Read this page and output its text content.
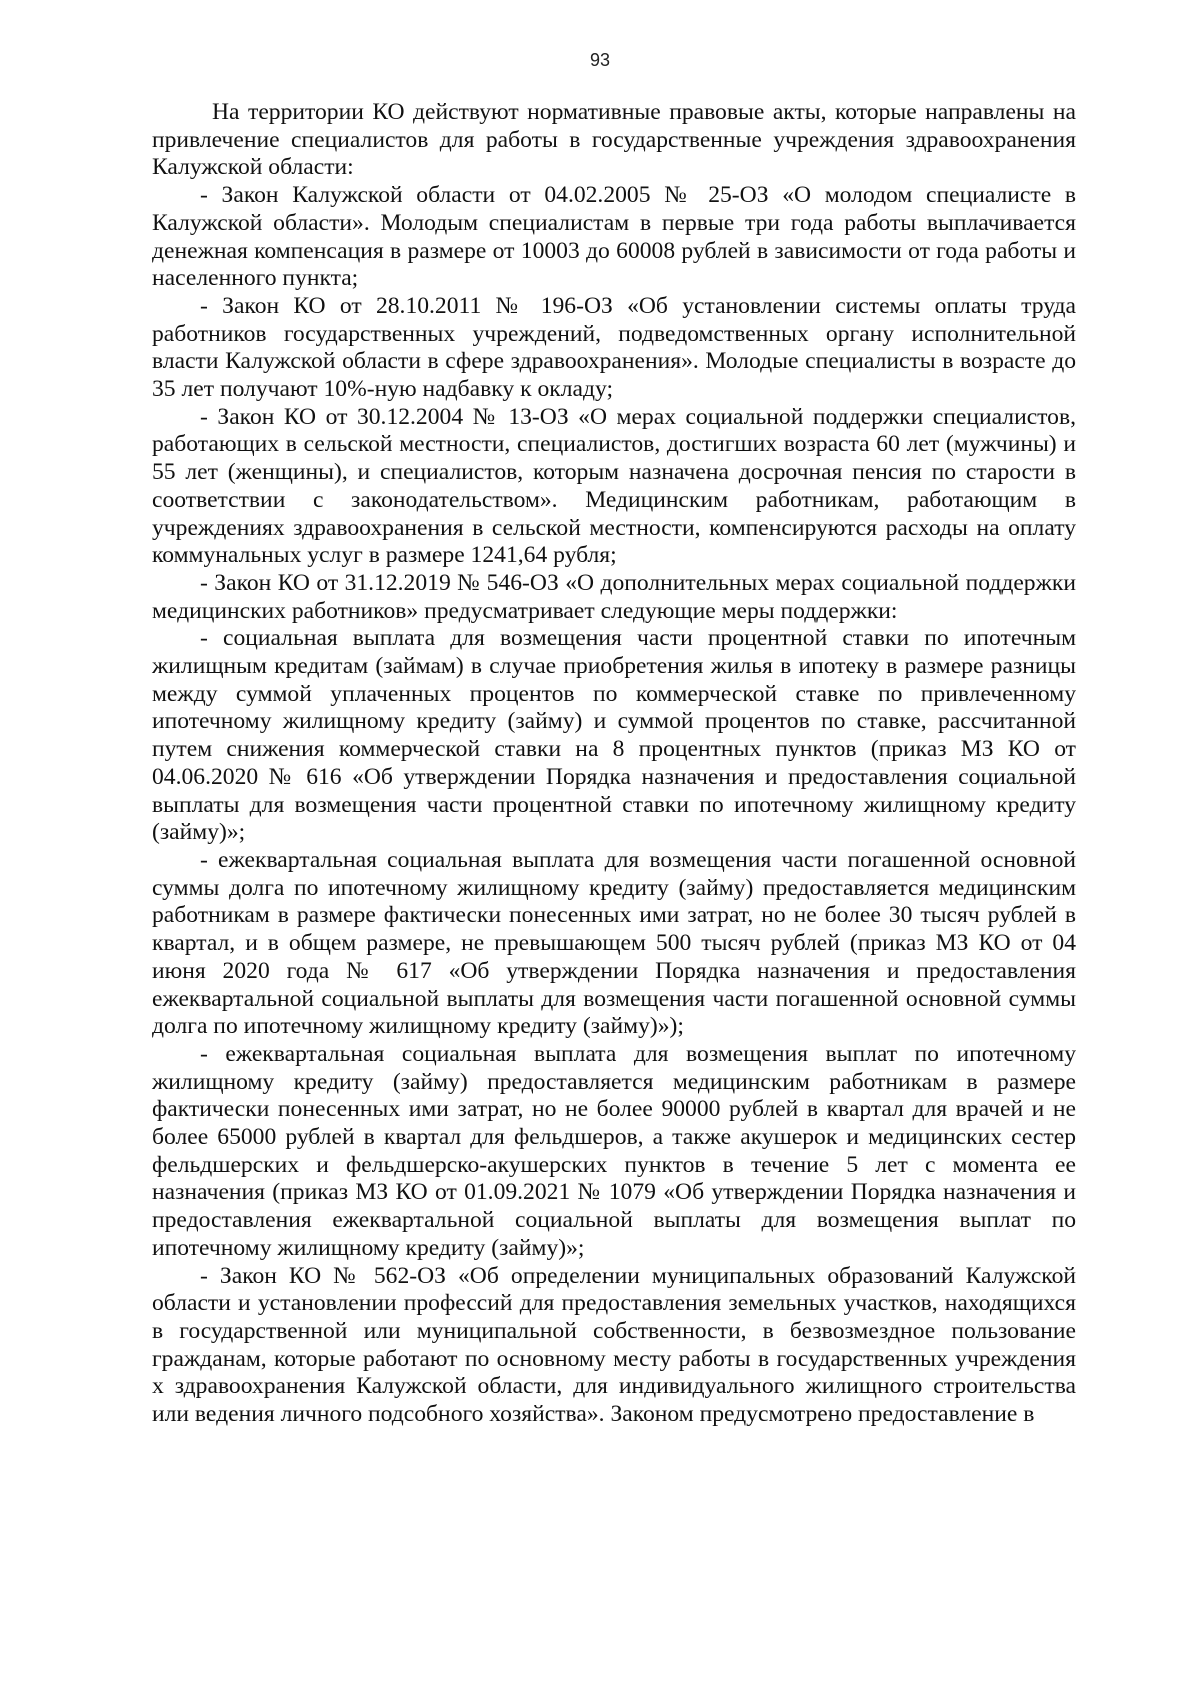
93

На территории КО действуют нормативные правовые акты, которые направлены на привлечение специалистов для работы в государственные учреждения здравоохранения Калужской области:

- Закон Калужской области от 04.02.2005 № 25-ОЗ «О молодом специалисте в Калужской области». Молодым специалистам в первые три года работы выплачивается денежная компенсация в размере от 10003 до 60008 рублей в зависимости от года работы и населенного пункта;

- Закон КО от 28.10.2011 № 196-ОЗ «Об установлении системы оплаты труда работников государственных учреждений, подведомственных органу исполнительной власти Калужской области в сфере здравоохранения». Молодые специалисты в возрасте до 35 лет получают 10%-ную надбавку к окладу;

- Закон КО от 30.12.2004 № 13-ОЗ «О мерах социальной поддержки специалистов, работающих в сельской местности, специалистов, достигших возраста 60 лет (мужчины) и 55 лет (женщины), и специалистов, которым назначена досрочная пенсия по старости в соответствии с законодательством». Медицинским работникам, работающим в учреждениях здравоохранения в сельской местности, компенсируются расходы на оплату коммунальных услуг в размере 1241,64 рубля;

- Закон КО от 31.12.2019 № 546-ОЗ «О дополнительных мерах социальной поддержки медицинских работников» предусматривает следующие меры поддержки:

- социальная выплата для возмещения части процентной ставки по ипотечным жилищным кредитам (займам) в случае приобретения жилья в ипотеку в размере разницы между суммой уплаченных процентов по коммерческой ставке по привлеченному ипотечному жилищному кредиту (займу) и суммой процентов по ставке, рассчитанной путем снижения коммерческой ставки на 8 процентных пунктов (приказ МЗ КО от 04.06.2020 № 616 «Об утверждении Порядка назначения и предоставления социальной выплаты для возмещения части процентной ставки по ипотечному жилищному кредиту (займу)»;

- ежеквартальная социальная выплата для возмещения части погашенной основной суммы долга по ипотечному жилищному кредиту (займу) предоставляется медицинским работникам в размере фактически понесенных ими затрат, но не более 30 тысяч рублей в квартал, и в общем размере, не превышающем 500 тысяч рублей (приказ МЗ КО от 04 июня 2020 года № 617 «Об утверждении Порядка назначения и предоставления ежеквартальной социальной выплаты для возмещения части погашенной основной суммы долга по ипотечному жилищному кредиту (займу)»);

- ежеквартальная социальная выплата для возмещения выплат по ипотечному жилищному кредиту (займу) предоставляется медицинским работникам в размере фактически понесенных ими затрат, но не более 90000 рублей в квартал для врачей и не более 65000 рублей в квартал для фельдшеров, а также акушерок и медицинских сестер фельдшерских и фельдшерско-акушерских пунктов в течение 5 лет с момента ее назначения (приказ МЗ КО от 01.09.2021 № 1079 «Об утверждении Порядка назначения и предоставления ежеквартальной социальной выплаты для возмещения выплат по ипотечному жилищному кредиту (займу)»;

- Закон КО № 562-ОЗ «Об определении муниципальных образований Калужской области и установлении профессий для предоставления земельных участков, находящихся в государственной или муниципальной собственности, в безвозмездное пользование гражданам, которые работают по основному месту работы в государственных учреждения х здравоохранения Калужской области, для индивидуального жилищного строительства или ведения личного подсобного хозяйства». Законом предусмотрено предоставление в
